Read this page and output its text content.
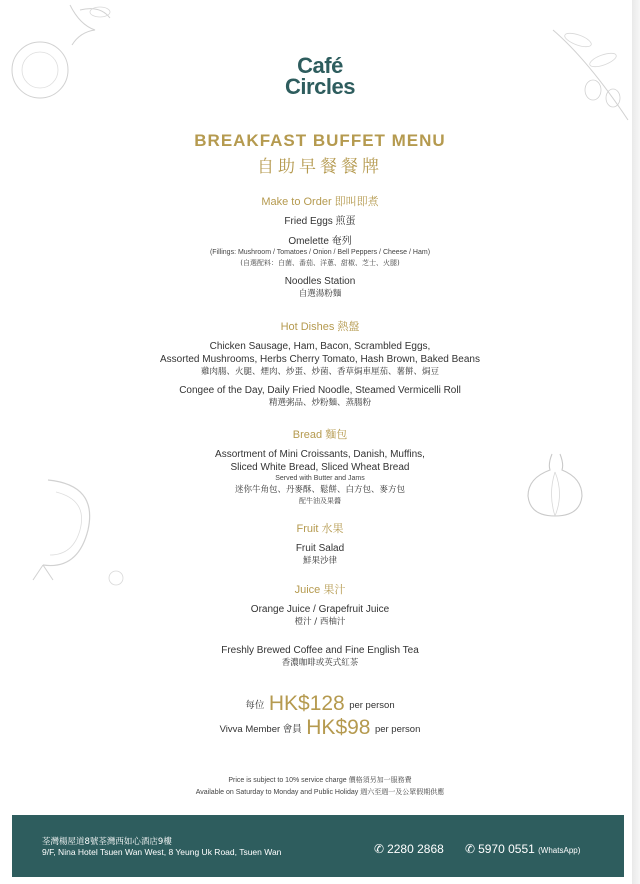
Café
Circles
BREAKFAST BUFFET MENU
自助早餐餐牌
Make to Order 即叫即煮
Fried Eggs 煎蛋
Omelette 奄列
(Fillings: Mushroom / Tomatoes / Onion / Bell Peppers / Cheese / Ham)
(自選配料：白菌、番茄、洋蔥、甜椒、芝士、火腿)
Noodles Station
自選湯粉麵
Hot Dishes 熱盤
Chicken Sausage, Ham, Bacon, Scrambled Eggs,
Assorted Mushrooms, Herbs Cherry Tomato, Hash Brown, Baked Beans
雞肉腸、火腿、煙肉、炒蛋、炒菌、香草焗車厘茄、薯餅、焗豆
Congee of the Day, Daily Fried Noodle, Steamed Vermicelli Roll
精選粥品、炒粉麵、蒸腸粉
Bread 麵包
Assortment of Mini Croissants, Danish, Muffins,
Sliced White Bread, Sliced Wheat Bread
Served with Butter and Jams
迷你牛角包、丹麥酥、鬆餅、白方包、麥方包
配牛油及果醬
Fruit 水果
Fruit Salad
鮮果沙律
Juice 果汁
Orange Juice / Grapefruit Juice
橙汁 / 西柚汁
Freshly Brewed Coffee and Fine English Tea
香濃咖啡或英式紅茶
每位 HK$128 per person
Vivva Member 會員 HK$98 per person
Price is subject to 10% service charge 價格須另加一服務費
Available on Saturday to Monday and Public Holiday 週六至週一及公眾假期供應
荃灣楊屋道8號荃灣西如心酒店9樓
9/F, Nina Hotel Tsuen Wan West, 8 Yeung Uk Road, Tsuen Wan	✆ 2280 2868 ✆ 5970 0551 (WhatsApp)
